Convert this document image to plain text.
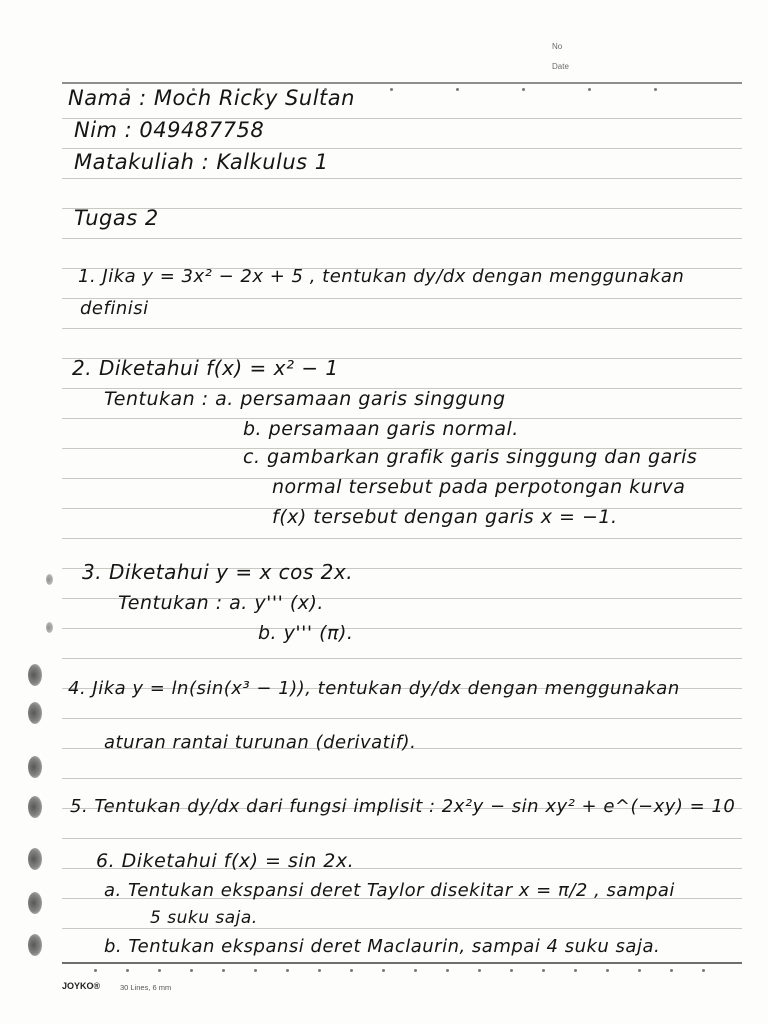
No
Date
Nama : Moch Ricky Sultan
Nim : 049487758
Matakuliah : Kalkulus 1
Tugas 2
1. Jika y = 3x² − 2x + 5 , tentukan dy/dx dengan menggunakan
definisi
2. Diketahui f(x) = x² − 1
Tentukan : a. persamaan garis singgung
b. persamaan garis normal.
c. gambarkan grafik garis singgung dan garis
normal tersebut pada perpotongan kurva
f(x) tersebut dengan garis x = −1.
3. Diketahui y = x cos 2x.
Tentukan : a. y''' (x).
b. y''' (π).
4. Jika y = ln(sin(x³ − 1)), tentukan dy/dx dengan menggunakan
aturan rantai turunan (derivatif).
5. Tentukan dy/dx dari fungsi implisit : 2x²y − sin xy² + e^(−xy) = 10
6. Diketahui f(x) = sin 2x.
a. Tentukan ekspansi deret Taylor disekitar x = π/2 , sampai
5 suku saja.
b. Tentukan ekspansi deret Maclaurin, sampai 4 suku saja.
JOYKO®	30 Lines, 6 mm
